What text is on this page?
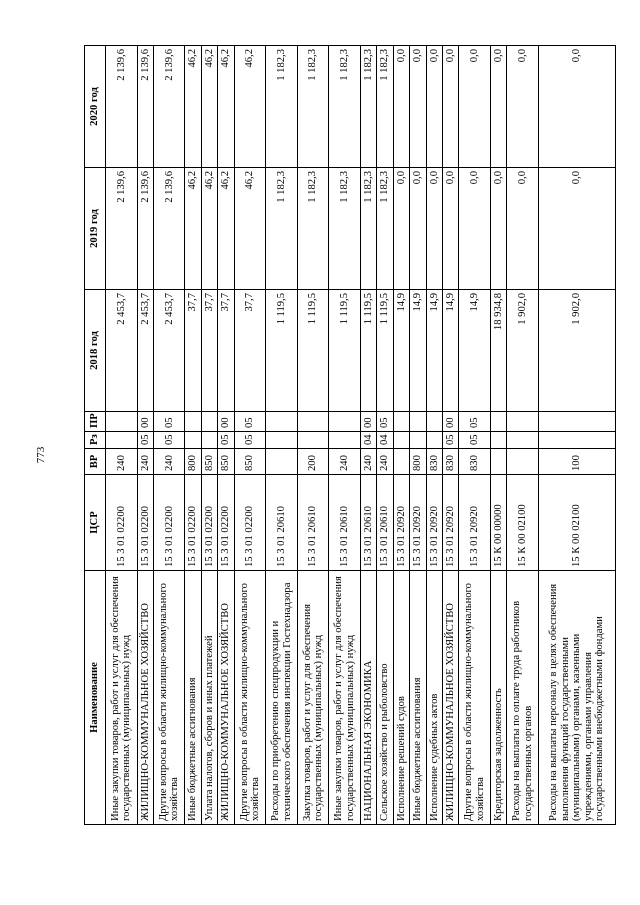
773
Наименование	ЦСР	ВР	Рз	ПР	2018 год	2019 год	2020 год
Иные закупки товаров, работ и услуг для обеспечения государственных (муниципальных) нужд	15 3 01 02200	240			2 453,7	2 139,6	2 139,6
ЖИЛИЩНО-КОММУНАЛЬНОЕ ХОЗЯЙСТВО	15 3 01 02200	240	05	00	2 453,7	2 139,6	2 139,6
Другие вопросы в области жилищно-коммунального хозяйства	15 3 01 02200	240	05	05	2 453,7	2 139,6	2 139,6
Иные бюджетные ассигнования	15 3 01 02200	800			37,7	46,2	46,2
Уплата налогов, сборов и иных платежей	15 3 01 02200	850			37,7	46,2	46,2
ЖИЛИЩНО-КОММУНАЛЬНОЕ ХОЗЯЙСТВО	15 3 01 02200	850	05	00	37,7	46,2	46,2
Другие вопросы в области жилищно-коммунального хозяйства	15 3 01 02200	850	05	05	37,7	46,2	46,2
Расходы по приобретению спецпродукции и технического обеспечения инспекции Гостехнадзора	15 3 01 20610				1 119,5	1 182,3	1 182,3
Закупка товаров, работ и услуг для обеспечения государственных (муниципальных) нужд	15 3 01 20610	200			1 119,5	1 182,3	1 182,3
Иные закупки товаров, работ и услуг для обеспечения государственных (муниципальных) нужд	15 3 01 20610	240			1 119,5	1 182,3	1 182,3
НАЦИОНАЛЬНАЯ ЭКОНОМИКА	15 3 01 20610	240	04	00	1 119,5	1 182,3	1 182,3
Сельское хозяйство и рыболовство	15 3 01 20610	240	04	05	1 119,5	1 182,3	1 182,3
Исполнение решений судов	15 3 01 20920				14,9	0,0	0,0
Иные бюджетные ассигнования	15 3 01 20920	800			14,9	0,0	0,0
Исполнение судебных актов	15 3 01 20920	830			14,9	0,0	0,0
ЖИЛИЩНО-КОММУНАЛЬНОЕ ХОЗЯЙСТВО	15 3 01 20920	830	05	00	14,9	0,0	0,0
Другие вопросы в области жилищно-коммунального хозяйства	15 3 01 20920	830	05	05	14,9	0,0	0,0
Кредиторская задолженность	15 К 00 00000				18 934,8	0,0	0,0
Расходы на выплаты по оплате труда работников государственных органов	15 К 00 02100				1 902,0	0,0	0,0
Расходы на выплаты персоналу в целях обеспечения выполнения функций государственными (муниципальными) органами, казенными учреждениями, органами управления государственными внебюджетными фондами	15 К 00 02100	100			1 902,0	0,0	0,0
